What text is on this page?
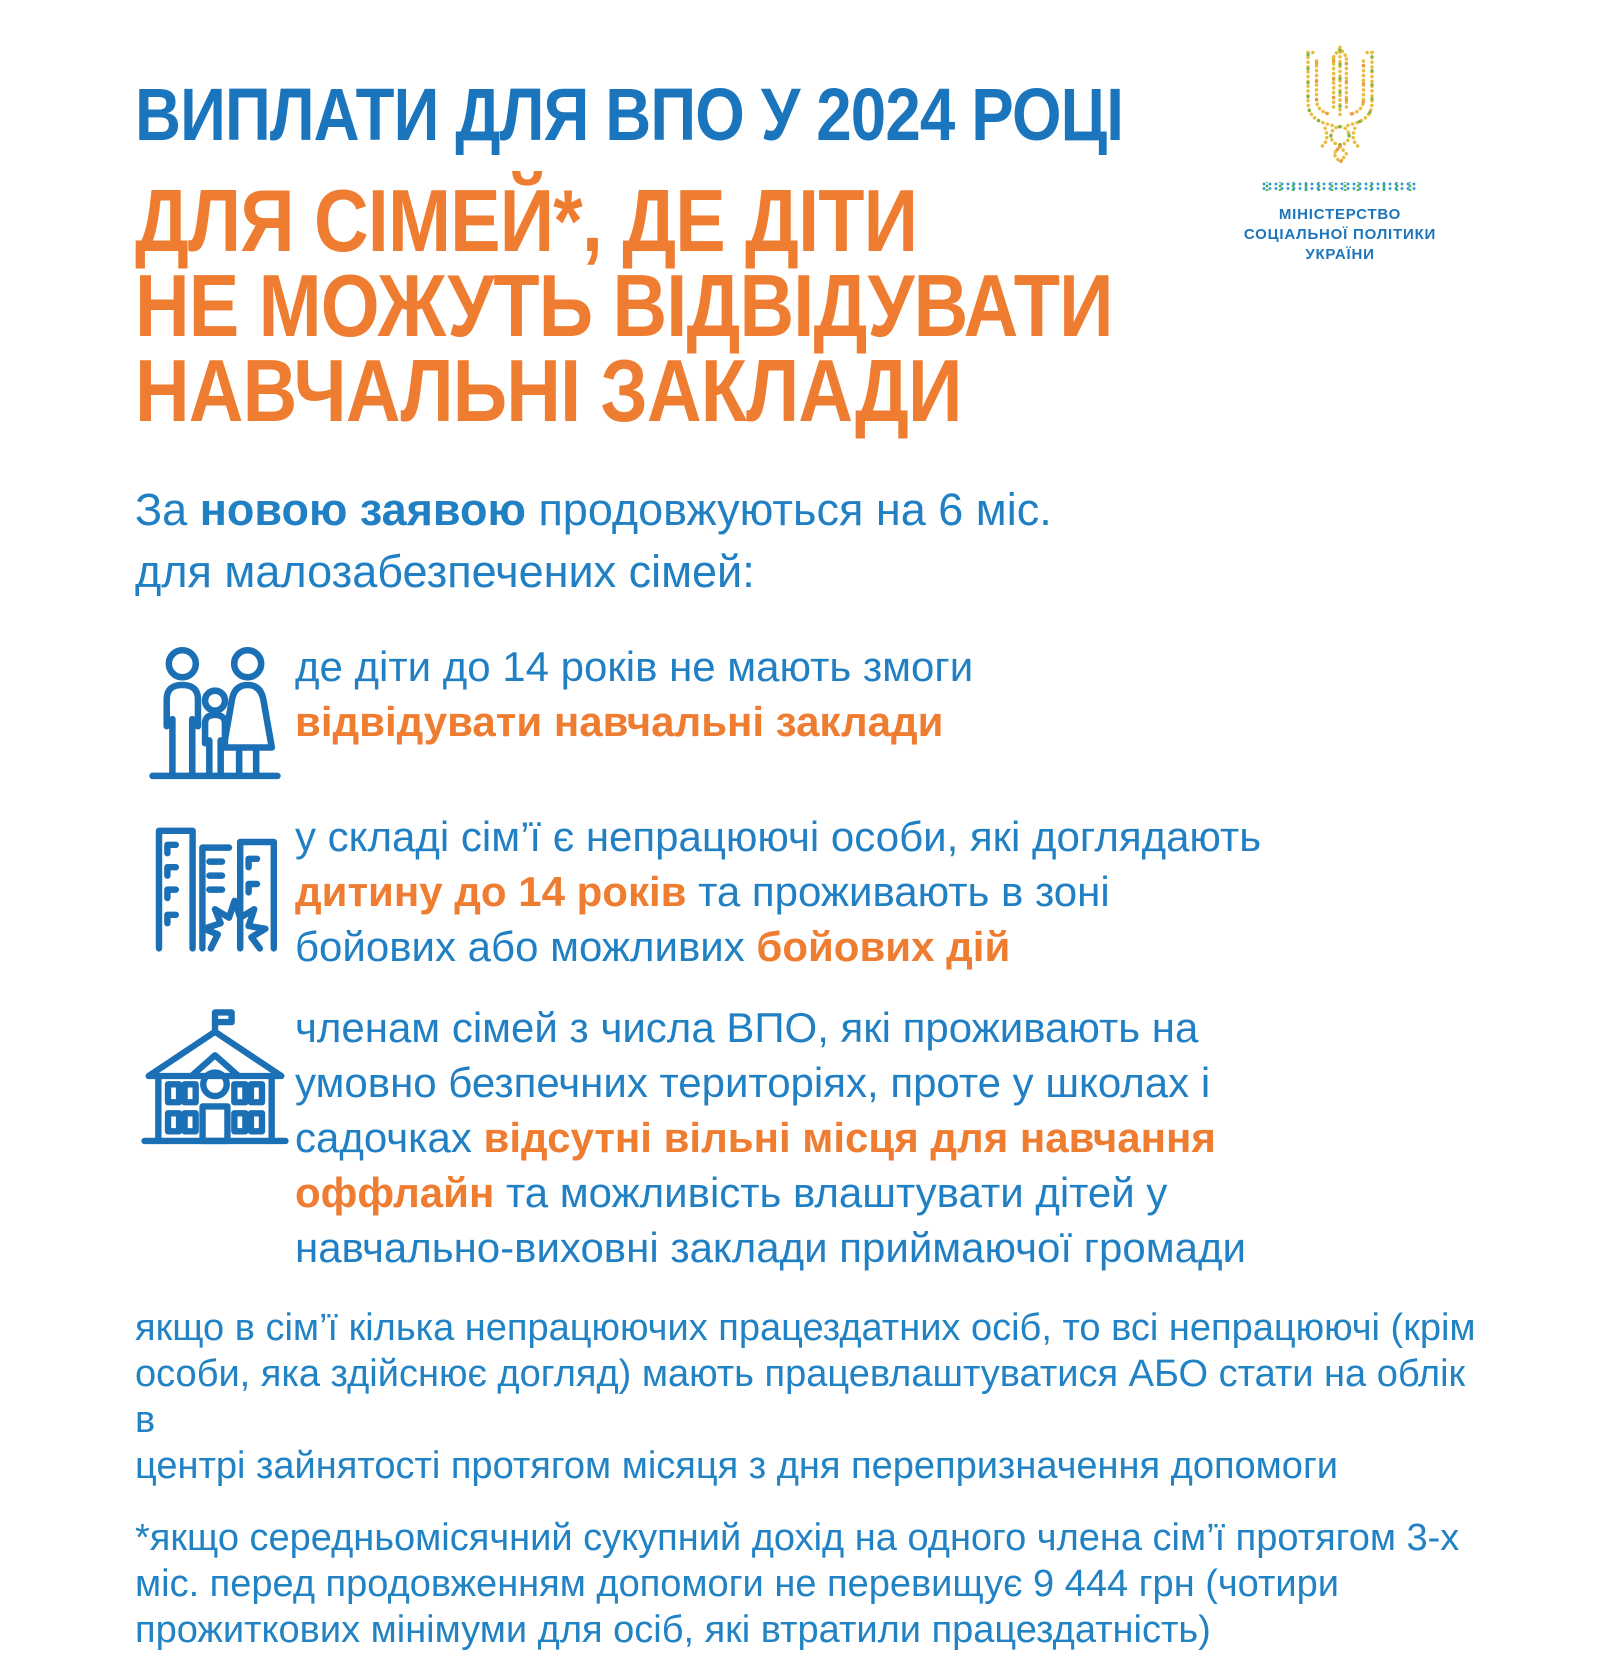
ВИПЛАТИ ДЛЯ ВПО У 2024 РОЦІ
ДЛЯ СІМЕЙ*, ДЕ ДІТИ
НЕ МОЖУТЬ ВІДВІДУВАТИ
НАВЧАЛЬНІ ЗАКЛАДИ
МІНІСТЕРСТВО
СОЦІАЛЬНОЇ ПОЛІТИКИ
УКРАЇНИ
За новою заявою продовжуються на 6 міс.
для малозабезпечених сімей:
де діти до 14 років не мають змоги
відвідувати навчальні заклади
у складі сім’ї є непрацюючі особи, які доглядають
дитину до 14 років та проживають в зоні
бойових або можливих бойових дій
членам сімей з числа ВПО, які проживають на
умовно безпечних територіях, проте у школах і
садочках відсутні вільні місця для навчання
оффлайн та можливість влаштувати дітей у
навчально-виховні заклади приймаючої громади
якщо в сім’ї кілька непрацюючих працездатних осіб, то всі непрацюючі (крім
особи, яка здійснює догляд) мають працевлаштуватися АБО стати на облік в
центрі зайнятості протягом місяця з дня перепризначення допомоги
*якщо середньомісячний сукупний дохід на одного члена сім’ї протягом 3-х
міс. перед продовженням допомоги не перевищує 9 444 грн (чотири
прожиткових мінімуми для осіб, які втратили працездатність)
